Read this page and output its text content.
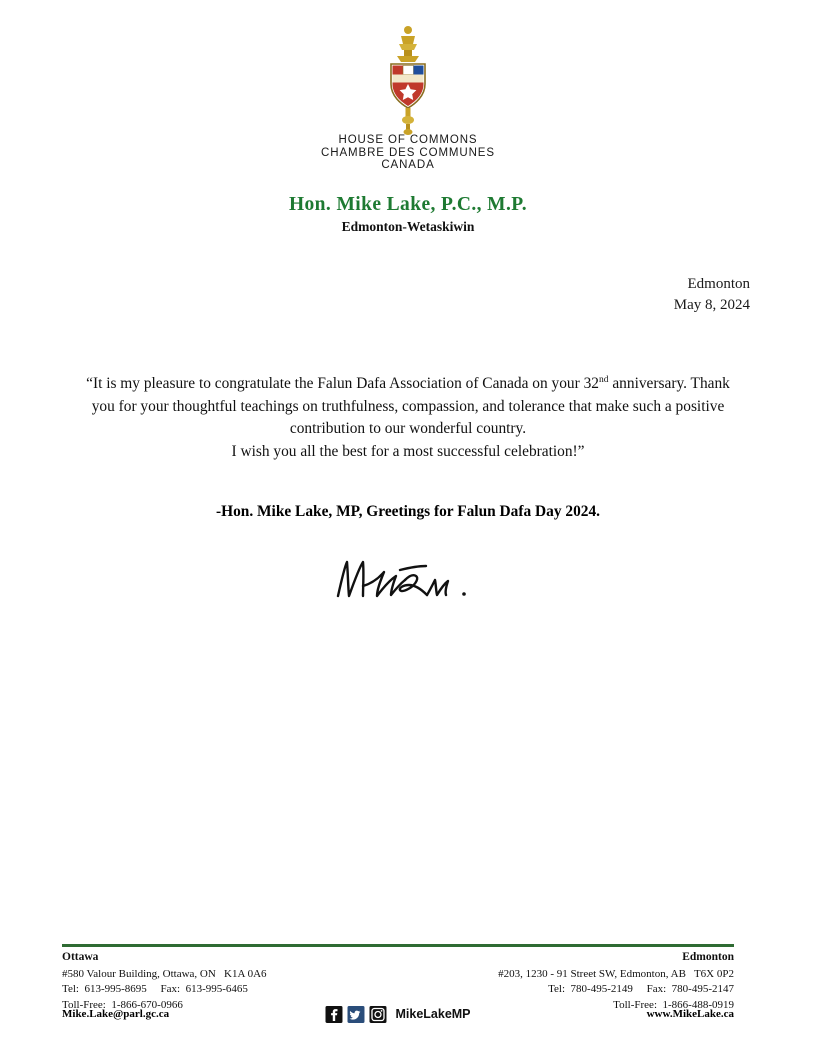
HOUSE OF COMMONS
CHAMBRE DES COMMUNES
CANADA
Hon. Mike Lake, P.C., M.P.
Edmonton-Wetaskiwin
Edmonton
May 8, 2024
“It is my pleasure to congratulate the Falun Dafa Association of Canada on your 32nd anniversary. Thank you for your thoughtful teachings on truthfulness, compassion, and tolerance that make such a positive contribution to our wonderful country.
I wish you all the best for a most successful celebration!”
-Hon. Mike Lake, MP, Greetings for Falun Dafa Day 2024.
Ottawa
#580 Valour Building, Ottawa, ON   K1A 0A6
Tel:  613-995-8695     Fax:  613-995-6465
Toll-Free:  1-866-670-0966
Edmonton
#203, 1230 - 91 Street SW, Edmonton, AB   T6X 0P2
Tel:  780-495-2149     Fax:  780-495-2147
Toll-Free:  1-866-488-0919
Mike.Lake@parl.gc.ca	MikeLakeMP	www.MikeLake.ca
